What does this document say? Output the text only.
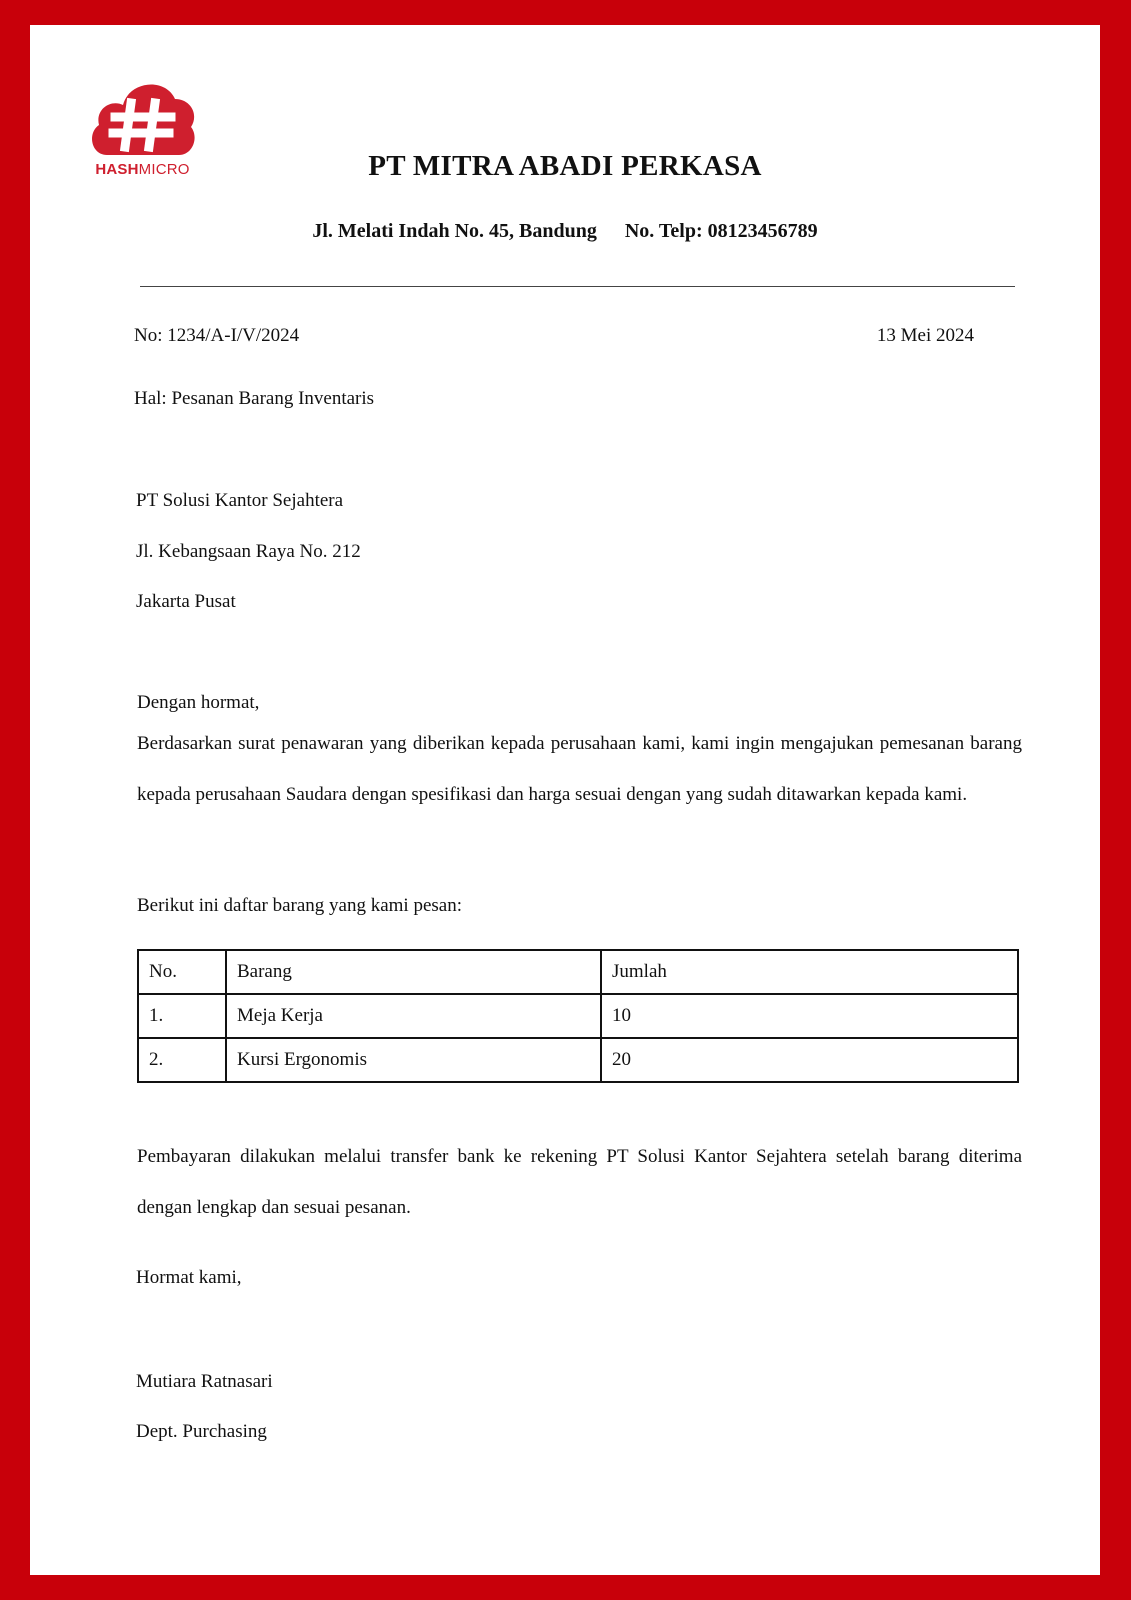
HASHMICRO	PT MITRA ABADI PERKASA
Jl. Melati Indah No. 45, Bandung No. Telp: 08123456789
No: 1234/A-I/V/2024	13 Mei 2024
Hal: Pesanan Barang Inventaris
PT Solusi Kantor Sejahtera
Jl. Kebangsaan Raya No. 212
Jakarta Pusat
Dengan hormat,
Berdasarkan surat penawaran yang diberikan kepada perusahaan kami, kami ingin mengajukan pemesanan barang kepada perusahaan Saudara dengan spesifikasi dan harga sesuai dengan yang sudah ditawarkan kepada kami.
Berikut ini daftar barang yang kami pesan:
No.	Barang	Jumlah
1.	Meja Kerja	10
2.	Kursi Ergonomis	20
Pembayaran dilakukan melalui transfer bank ke rekening PT Solusi Kantor Sejahtera setelah barang diterima dengan lengkap dan sesuai pesanan.
Hormat kami,
Mutiara Ratnasari
Dept. Purchasing
